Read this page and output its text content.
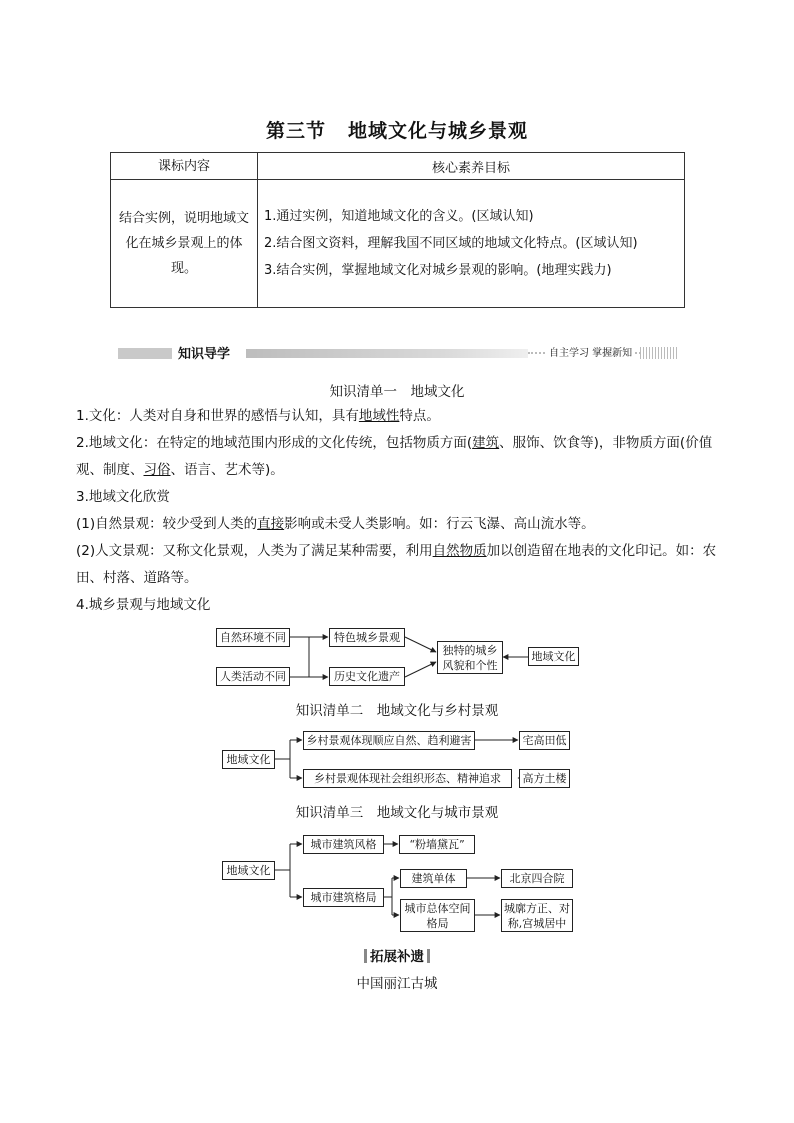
第三节 地域文化与城乡景观
课标内容	核心素养目标
结合实例，说明地域文化在城乡景观上的体现。	1.通过实例，知道地域文化的含义。(区域认知)
2.结合图文资料，理解我国不同区域的地域文化特点。(区域认知)
3.结合实例，掌握地域文化对城乡景观的影响。(地理实践力)
知识导学	自主学习 掌握新知
知识清单一　地域文化
1.文化：人类对自身和世界的感悟与认知，具有地域性特点。
2.地域文化：在特定的地域范围内形成的文化传统，包括物质方面(建筑、服饰、饮食等)，非物质方面(价值观、制度、习俗、语言、艺术等)。
3.地域文化欣赏
(1)自然景观：较少受到人类的直接影响或未受人类影响。如：行云飞瀑、高山流水等。
(2)人文景观：又称文化景观，人类为了满足某种需要，利用自然物质加以创造留在地表的文化印记。如：农田、村落、道路等。
4.城乡景观与地域文化
自然环境不同
人类活动不同
特色城乡景观
历史文化遗产
独特的城乡风貌和个性
地域文化
知识清单二　地域文化与乡村景观
地域文化
乡村景观体现顺应自然、趋利避害
乡村景观体现社会组织形态、精神追求
宅高田低
高方土楼
知识清单三　地域文化与城市景观
地域文化
城市建筑风格	“粉墙黛瓦”
城市建筑格局
建筑单体
城市总体空间格局
北京四合院
城廓方正、对称,宫城居中
拓展补遗
中国丽江古城
